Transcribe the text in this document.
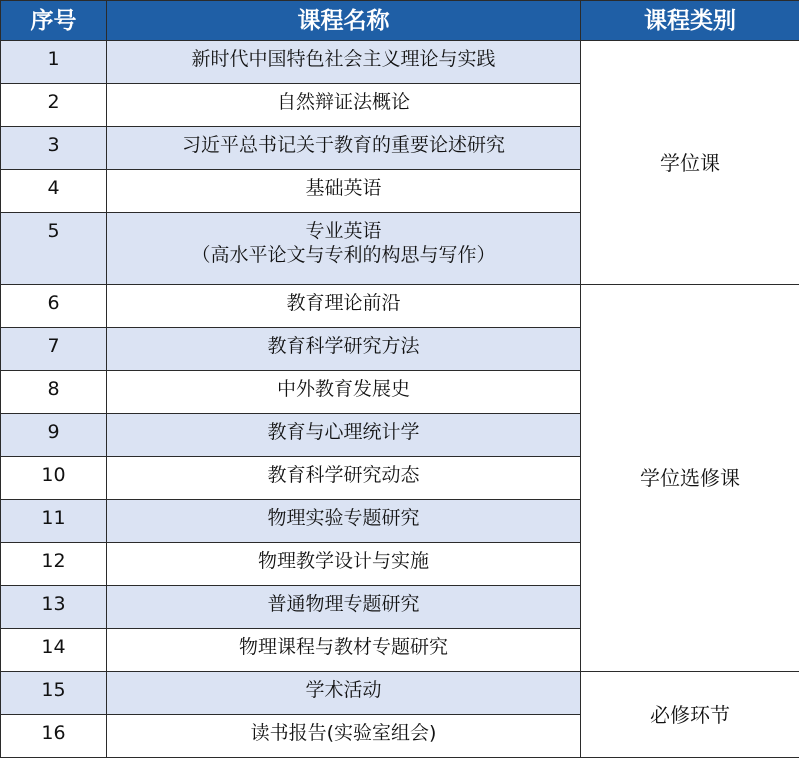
序号	课程名称	课程类别
1	新时代中国特色社会主义理论与实践	学位课
2	自然辩证法概论	
3	习近平总书记关于教育的重要论述研究	
4	基础英语	
5	专业英语
（高水平论文与专利的构思与写作）	

6	教育理论前沿	学位选修课
7	教育科学研究方法	
8	中外教育发展史	
9	教育与心理统计学	
10	教育科学研究动态	
11	物理实验专题研究	
12	物理教学设计与实施	
13	普通物理专题研究	
14	物理课程与教材专题研究	
15	学术活动	必修环节
16	读书报告(实验室组会)	
